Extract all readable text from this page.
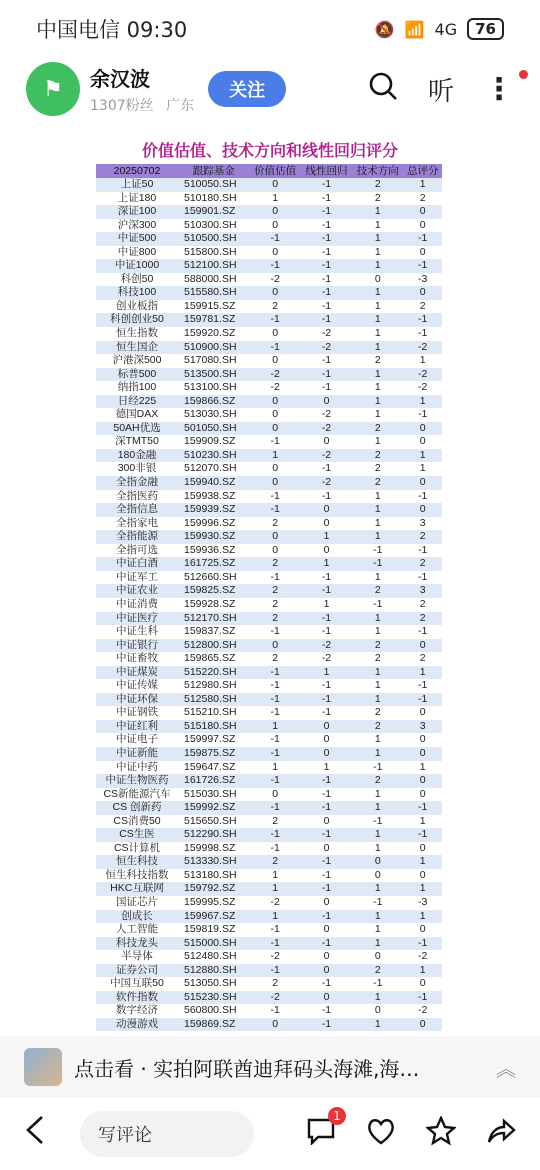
中国电信 09:30	🔕 📶 4G	76
⚑	余汉波
1307粉丝 广东
关注	听 ⋮
价值估值、技术方向和线性回归评分
20250702	跟踪基金	价值估值	线性回归	技术方向	总评分
上证50	510050.SH	0	-1	2	1
上证180	510180.SH	1	-1	2	2
深证100	159901.SZ	0	-1	1	0
沪深300	510300.SH	0	-1	1	0
中证500	510500.SH	-1	-1	1	-1
中证800	515800.SH	0	-1	1	0
中证1000	512100.SH	-1	-1	1	-1
科创50	588000.SH	-2	-1	0	-3
科技100	515580.SH	0	-1	1	0
创业板指	159915.SZ	2	-1	1	2
科创创业50	159781.SZ	-1	-1	1	-1
恒生指数	159920.SZ	0	-2	1	-1
恒生国企	510900.SH	-1	-2	1	-2
沪港深500	517080.SH	0	-1	2	1
标普500	513500.SH	-2	-1	1	-2
纳指100	513100.SH	-2	-1	1	-2
日经225	159866.SZ	0	0	1	1
德国DAX	513030.SH	0	-2	1	-1
50AH优选	501050.SH	0	-2	2	0
深TMT50	159909.SZ	-1	0	1	0
180金融	510230.SH	1	-2	2	1
300非银	512070.SH	0	-1	2	1
全指金融	159940.SZ	0	-2	2	0
全指医药	159938.SZ	-1	-1	1	-1
全指信息	159939.SZ	-1	0	1	0
全指家电	159996.SZ	2	0	1	3
全指能源	159930.SZ	0	1	1	2
全指可选	159936.SZ	0	0	-1	-1
中证白酒	161725.SZ	2	1	-1	2
中证军工	512660.SH	-1	-1	1	-1
中证农业	159825.SZ	2	-1	2	3
中证消费	159928.SZ	2	1	-1	2
中证医疗	512170.SH	2	-1	1	2
中证生科	159837.SZ	-1	-1	1	-1
中证银行	512800.SH	0	-2	2	0
中证畜牧	159865.SZ	2	-2	2	2
中证煤炭	515220.SH	-1	1	1	1
中证传媒	512980.SH	-1	-1	1	-1
中证环保	512580.SH	-1	-1	1	-1
中证钢铁	515210.SH	-1	-1	2	0
中证红利	515180.SH	1	0	2	3
中证电子	159997.SZ	-1	0	1	0
中证新能	159875.SZ	-1	0	1	0
中证中药	159647.SZ	1	1	-1	1
中证生物医药	161726.SZ	-1	-1	2	0
CS新能源汽车	515030.SH	0	-1	1	0
CS 创新药	159992.SZ	-1	-1	1	-1
CS消费50	515650.SH	2	0	-1	1
CS生医	512290.SH	-1	-1	1	-1
CS计算机	159998.SZ	-1	0	1	0
恒生科技	513330.SH	2	-1	0	1
恒生科技指数	513180.SH	1	-1	0	0
HKC互联网	159792.SZ	1	-1	1	1
国证芯片	159995.SZ	-2	0	-1	-3
创成长	159967.SZ	1	-1	1	1
人工智能	159819.SZ	-1	0	1	0
科技龙头	515000.SH	-1	-1	1	-1
半导体	512480.SH	-2	0	0	-2
证券公司	512880.SH	-1	0	2	1
中国互联50	513050.SH	2	-1	-1	0
软件指数	515230.SH	-2	0	1	-1
数字经济	560800.SH	-1	-1	0	-2
动漫游戏	159869.SZ	0	-1	1	0
点击看 · 实拍阿联酋迪拜码头海滩,海…	︽
写评论
1
